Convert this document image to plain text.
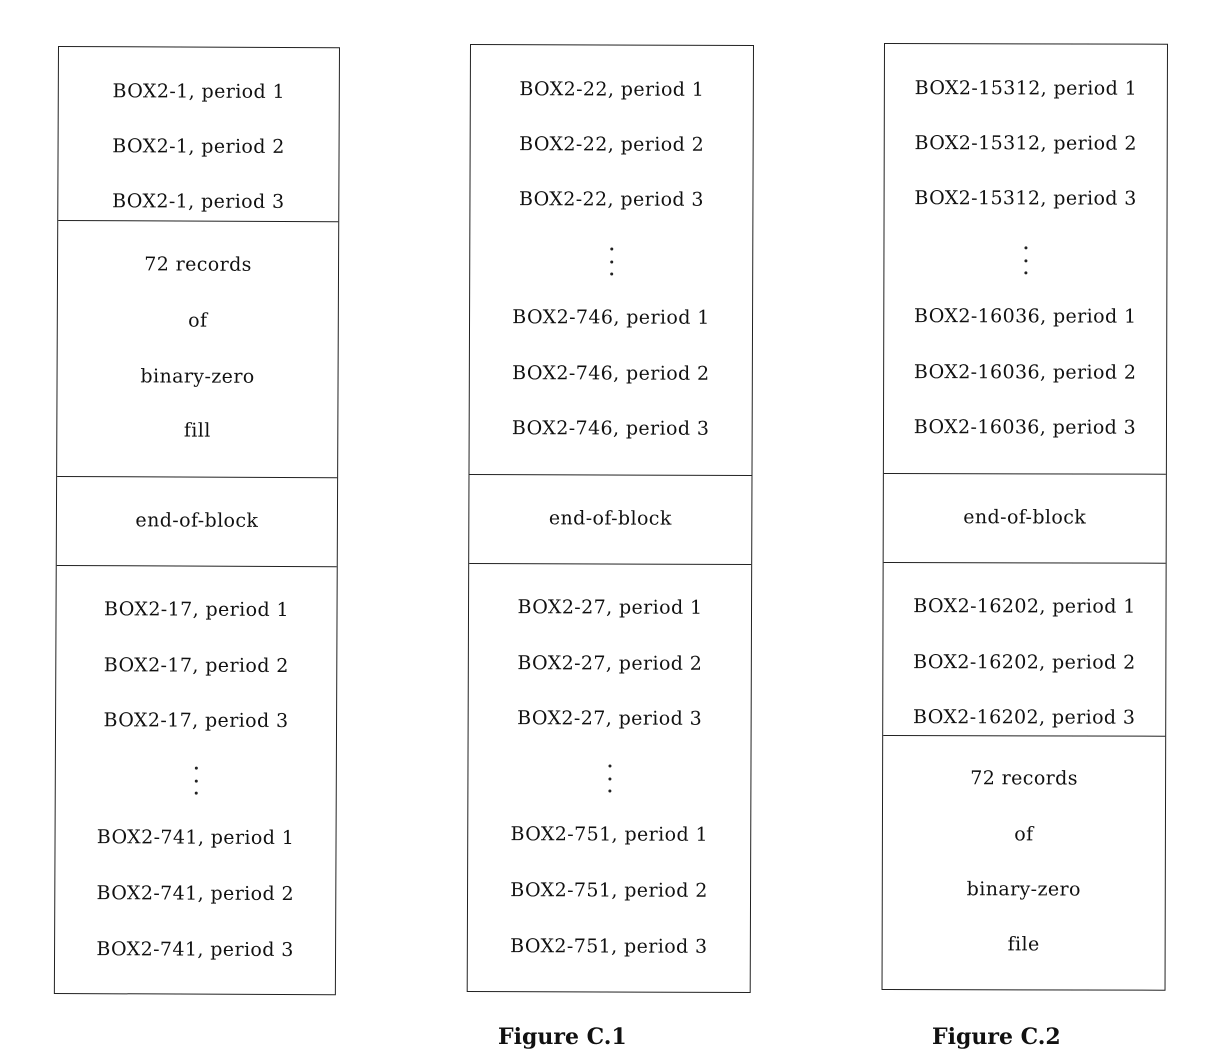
BOX2-1, period 1
BOX2-1, period 2
BOX2-1, period 3
72 records
of
binary-zero
fill
end-of-block
BOX2-17, period 1
BOX2-17, period 2
BOX2-17, period 3
BOX2-741, period 1
BOX2-741, period 2
BOX2-741, period 3
BOX2-22, period 1
BOX2-22, period 2
BOX2-22, period 3
BOX2-746, period 1
BOX2-746, period 2
BOX2-746, period 3
end-of-block
BOX2-27, period 1
BOX2-27, period 2
BOX2-27, period 3
BOX2-751, period 1
BOX2-751, period 2
BOX2-751, period 3
BOX2-15312, period 1
BOX2-15312, period 2
BOX2-15312, period 3
BOX2-16036, period 1
BOX2-16036, period 2
BOX2-16036, period 3
end-of-block
BOX2-16202, period 1
BOX2-16202, period 2
BOX2-16202, period 3
72 records
of
binary-zero
file
Figure C.1	Figure C.2
